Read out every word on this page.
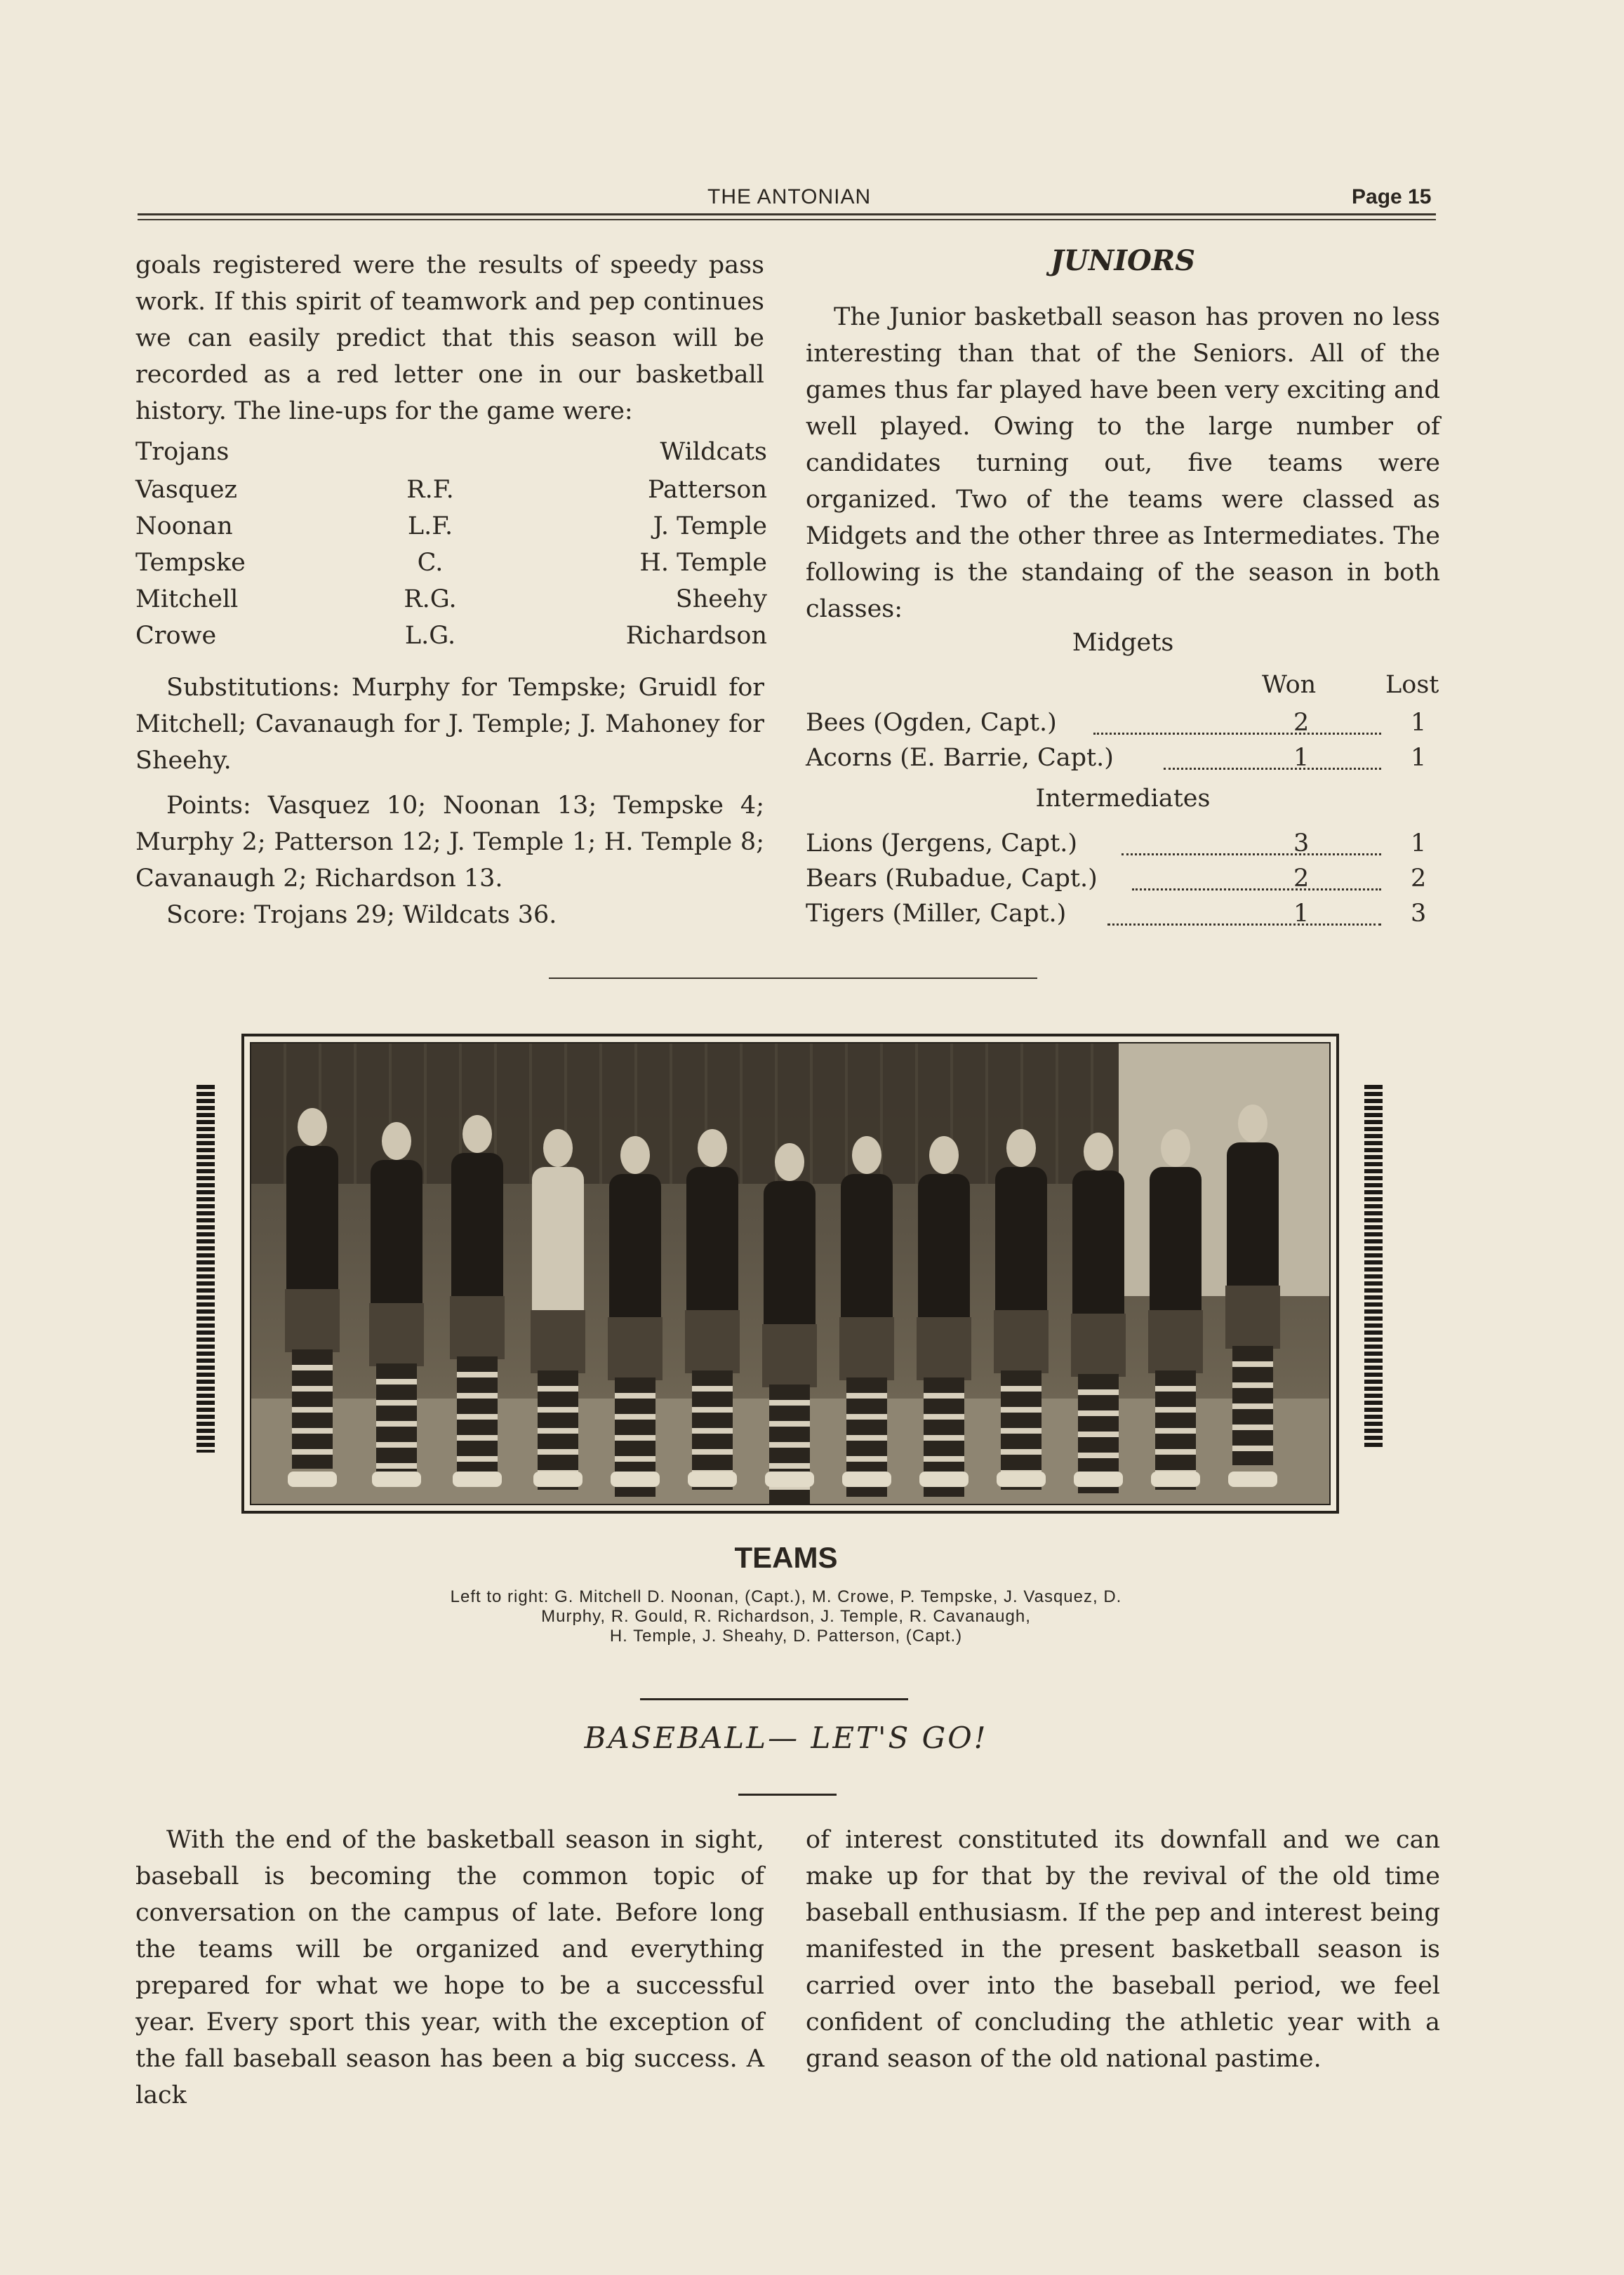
THE ANTONIAN	Page 15

goals registered were the results of speedy pass work. If this spirit of teamwork and pep continues we can easily predict that this season will be recorded as a red letter one in our basketball history. The line-ups for the game were:

Trojans	Wildcats
Vasquez	R.F.	Patterson
Noonan	L.F.	J. Temple
Tempske	C.	H. Temple
Mitchell	R.G.	Sheehy
Crowe	L.G.	Richardson

Substitutions: Murphy for Tempske; Gruidl for Mitchell; Cavanaugh for J. Temple; J. Mahoney for Sheehy.

Points: Vasquez 10; Noonan 13; Tempske 4; Murphy 2; Patterson 12; J. Temple 1; H. Temple 8; Cavanaugh 2; Richardson 13.

Score: Trojans 29; Wildcats 36.

JUNIORS

The Junior basketball season has proven no less interesting than that of the Seniors. All of the games thus far played have been very exciting and well played. Owing to the large number of candidates turning out, five teams were organized. Two of the teams were classed as Midgets and the other three as Intermediates. The following is the standaing of the season in both classes:

Midgets
Won	Lost
Bees (Ogden, Capt.)	2	1
Acorns (E. Barrie, Capt.)	1	1
Intermediates
Lions (Jergens, Capt.)	3	1
Bears (Rubadue, Capt.)	2	2
Tigers (Miller, Capt.)	1	3
TEAMS
Left to right: G. Mitchell D. Noonan, (Capt.), M. Crowe, P. Tempske, J. Vasquez, D.
Murphy, R. Gould, R. Richardson, J. Temple, R. Cavanaugh,
H. Temple, J. Sheahy, D. Patterson, (Capt.)
BASEBALL— LET'S GO!

With the end of the basketball season in sight, baseball is becoming the common topic of conversation on the campus of late. Before long the teams will be organized and everything prepared for what we hope to be a successful year. Every sport this year, with the exception of the fall baseball season has been a big success. A lack

of interest constituted its downfall and we can make up for that by the revival of the old time baseball enthusiasm. If the pep and interest being manifested in the present basketball season is carried over into the baseball period, we feel confident of concluding the athletic year with a grand season of the old national pastime.
